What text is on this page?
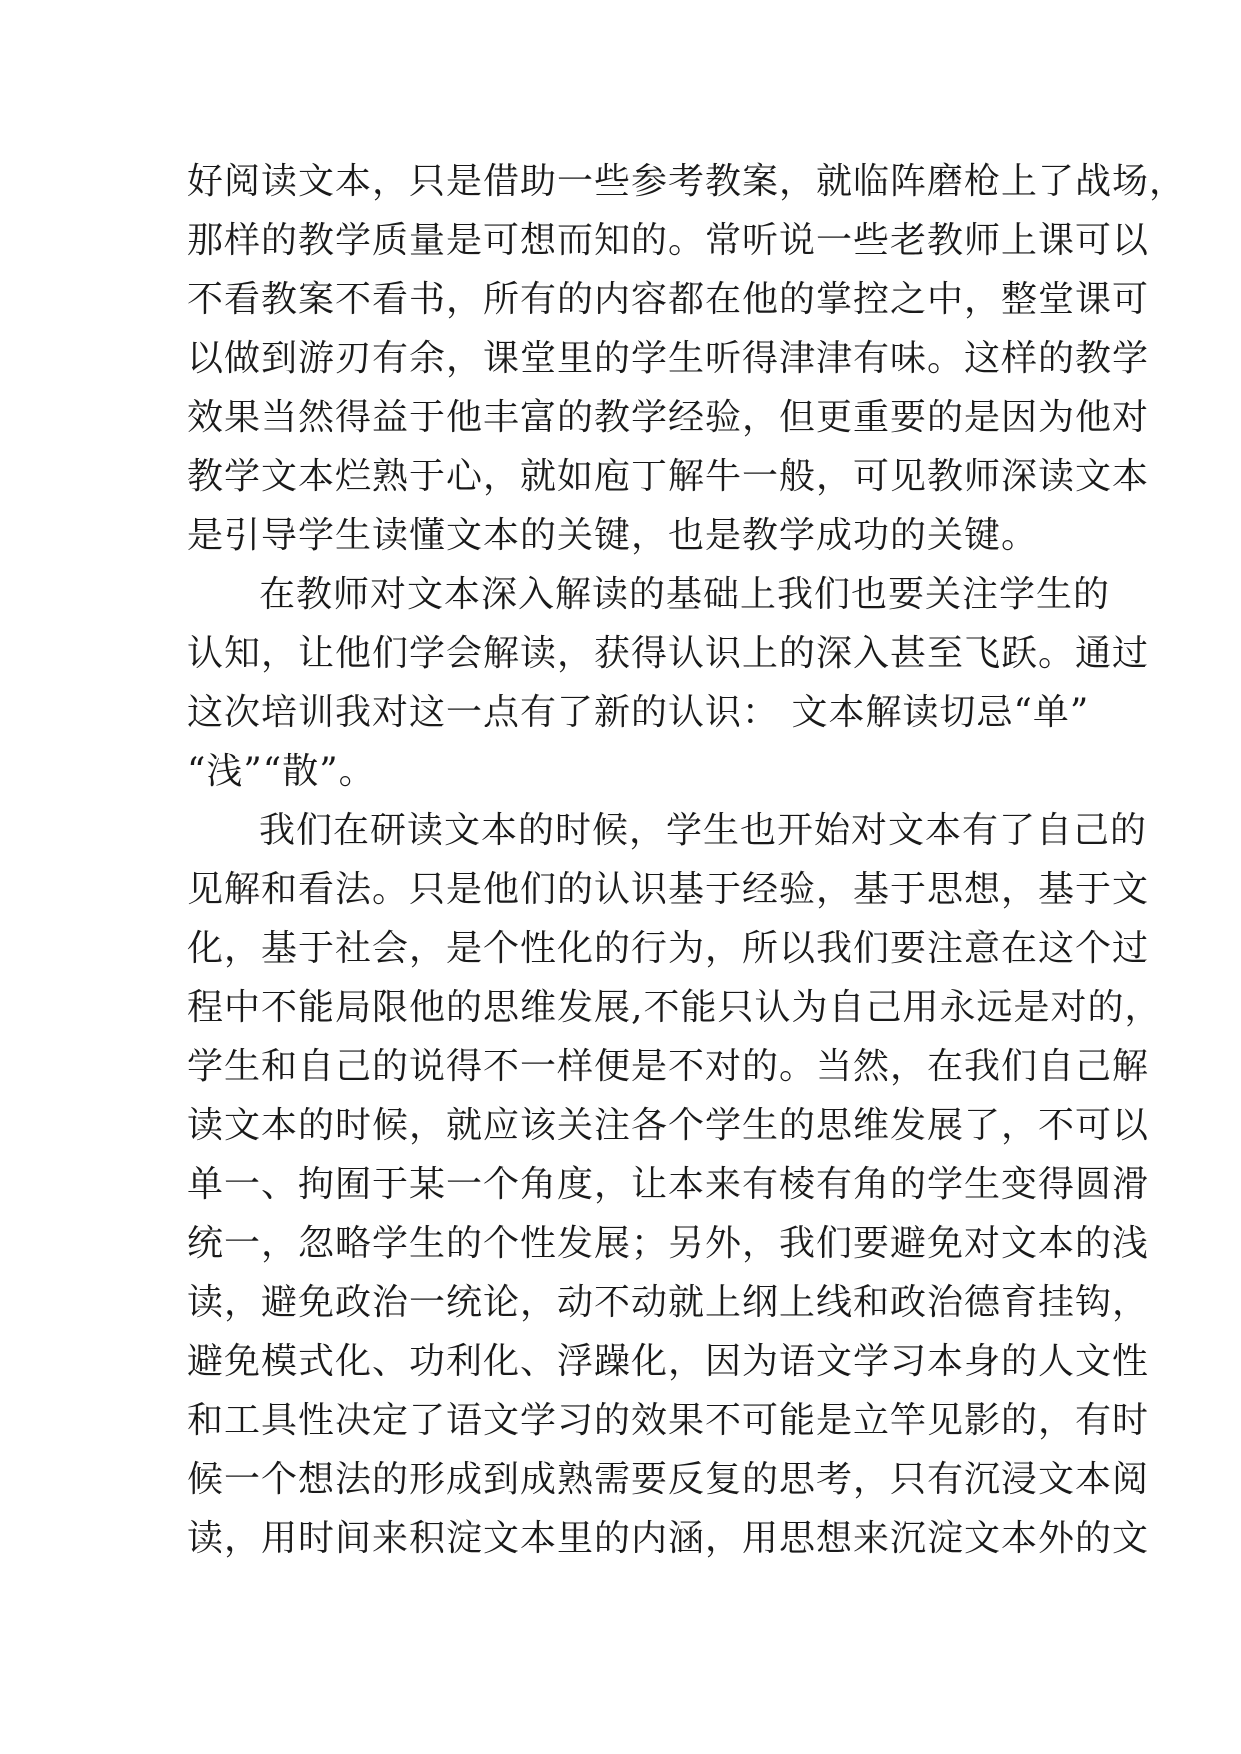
好阅读文本，只是借助一些参考教案，就临阵磨枪上了战场，
那样的教学质量是可想而知的。常听说一些老教师上课可以
不看教案不看书，所有的内容都在他的掌控之中，整堂课可
以做到游刃有余，课堂里的学生听得津津有味。这样的教学
效果当然得益于他丰富的教学经验，但更重要的是因为他对
教学文本烂熟于心，就如庖丁解牛一般，可见教师深读文本
是引导学生读懂文本的关键，也是教学成功的关键。
在教师对文本深入解读的基础上我们也要关注学生的
认知，让他们学会解读，获得认识上的深入甚至飞跃。通过
这次培训我对这一点有了新的认识： 文本解读切忌“单”
“浅”“散”。
我们在研读文本的时候，学生也开始对文本有了自己的
见解和看法。只是他们的认识基于经验，基于思想，基于文
化，基于社会，是个性化的行为，所以我们要注意在这个过
程中不能局限他的思维发展,不能只认为自己用永远是对的，
学生和自己的说得不一样便是不对的。当然，在我们自己解
读文本的时候，就应该关注各个学生的思维发展了，不可以
单一、拘囿于某一个角度，让本来有棱有角的学生变得圆滑
统一，忽略学生的个性发展；另外，我们要避免对文本的浅
读，避免政治一统论，动不动就上纲上线和政治德育挂钩，
避免模式化、功利化、浮躁化，因为语文学习本身的人文性
和工具性决定了语文学习的效果不可能是立竿见影的，有时
候一个想法的形成到成熟需要反复的思考，只有沉浸文本阅
读，用时间来积淀文本里的内涵，用思想来沉淀文本外的文
